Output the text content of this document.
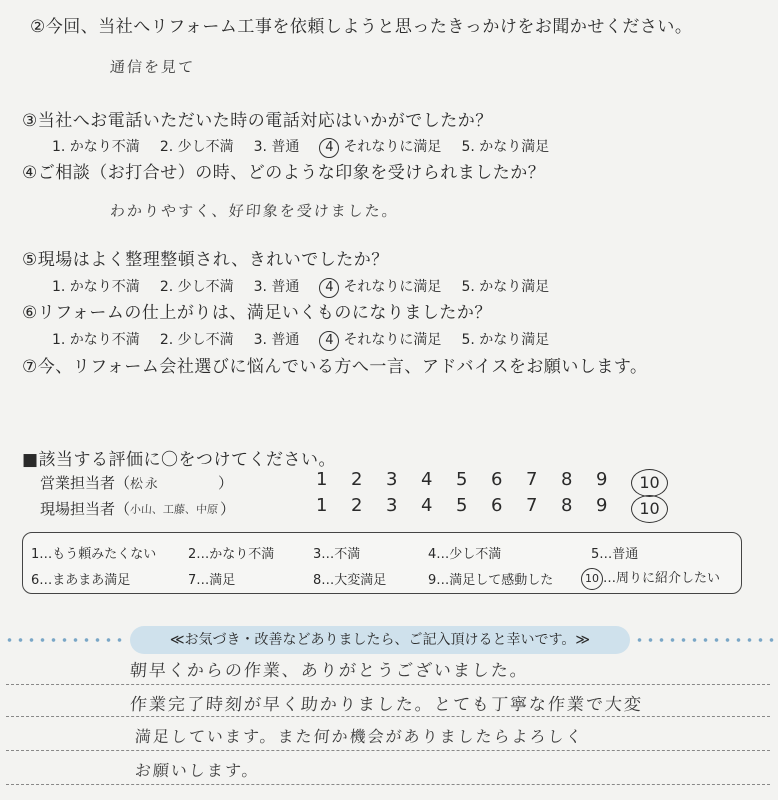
②今回、当社へリフォーム工事を依頼しようと思ったきっかけをお聞かせください。
通信を見て
③当社へお電話いただいた時の電話対応はいかがでしたか？
1. かなり不満 2. 少し不満 3. 普通	4 それなりに満足 5. かなり満足
④ご相談（お打合せ）の時、どのような印象を受けられましたか？
わかりやすく、好印象を受けました。
⑤現場はよく整理整頓され、きれいでしたか？
1. かなり不満 2. 少し不満 3. 普通	4 それなりに満足 5. かなり満足
⑥リフォームの仕上がりは、満足いくものになりましたか？
1. かなり不満 2. 少し不満 3. 普通	4 それなりに満足 5. かなり満足
⑦今、リフォーム会社選びに悩んでいる方へ一言、アドバイスをお願いします。
■該当する評価に〇をつけてください。
営業担当者（ 松永	）	1	2	3	4	5	6	7	8	9	10
現場担当者（ 小山、工藤、中原 ）	1	2	3	4	5	6	7	8	9	10
1…もう頼みたくない 2…かなり不満	3…不満	4…少し不満	5…普通
6…まあまあ満足	7…満足	8…大変満足	9…満足して感動した	10 …周りに紹介したい
≪お気づき・改善などありましたら、ご記入頂けると幸いです。≫
朝早くからの作業、ありがとうございました。
作業完了時刻が早く助かりました。とても丁寧な作業で大変
満足しています。また何か機会がありましたらよろしく
お願いします。
